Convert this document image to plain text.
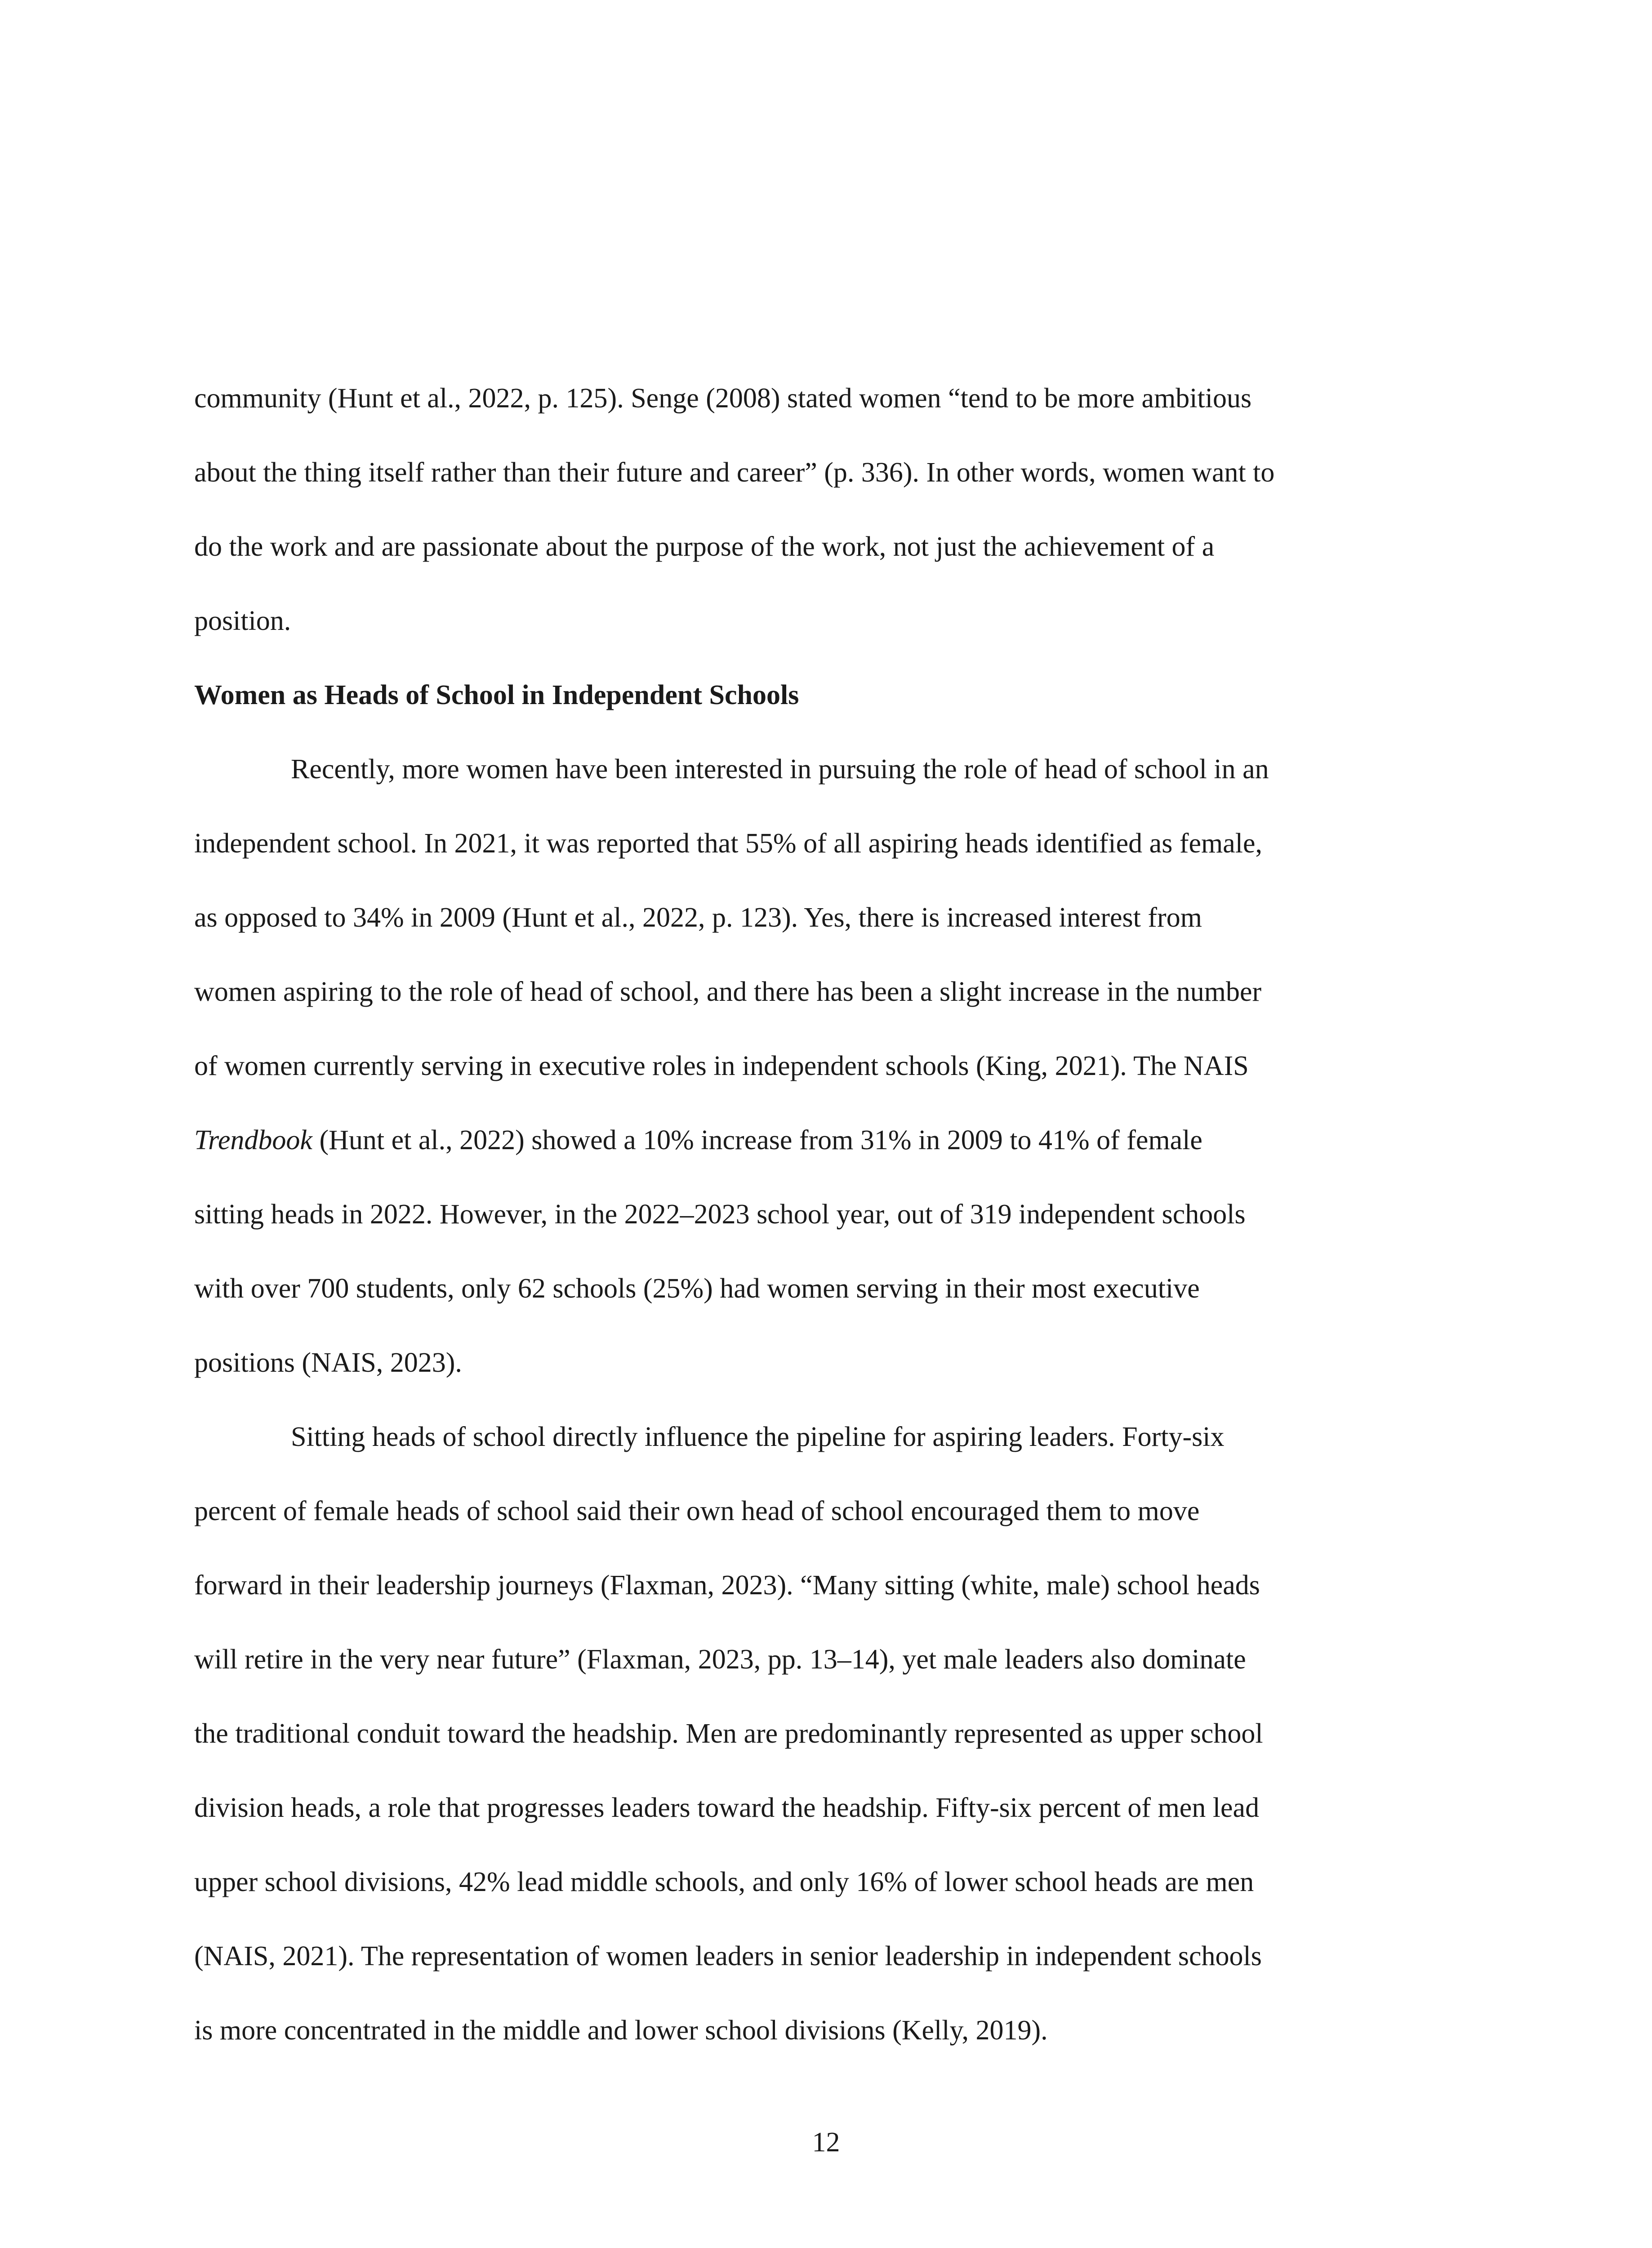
community (Hunt et al., 2022, p. 125). Senge (2008) stated women “tend to be more ambitious
about the thing itself rather than their future and career” (p. 336). In other words, women want to
do the work and are passionate about the purpose of the work, not just the achievement of a
position.
Women as Heads of School in Independent Schools
Recently, more women have been interested in pursuing the role of head of school in an
independent school. In 2021, it was reported that 55% of all aspiring heads identified as female,
as opposed to 34% in 2009 (Hunt et al., 2022, p. 123). Yes, there is increased interest from
women aspiring to the role of head of school, and there has been a slight increase in the number
of women currently serving in executive roles in independent schools (King, 2021). The NAIS
Trendbook (Hunt et al., 2022) showed a 10% increase from 31% in 2009 to 41% of female
sitting heads in 2022. However, in the 2022–2023 school year, out of 319 independent schools
with over 700 students, only 62 schools (25%) had women serving in their most executive
positions (NAIS, 2023).
Sitting heads of school directly influence the pipeline for aspiring leaders. Forty-six
percent of female heads of school said their own head of school encouraged them to move
forward in their leadership journeys (Flaxman, 2023). “Many sitting (white, male) school heads
will retire in the very near future” (Flaxman, 2023, pp. 13–14), yet male leaders also dominate
the traditional conduit toward the headship. Men are predominantly represented as upper school
division heads, a role that progresses leaders toward the headship. Fifty-six percent of men lead
upper school divisions, 42% lead middle schools, and only 16% of lower school heads are men
(NAIS, 2021). The representation of women leaders in senior leadership in independent schools
is more concentrated in the middle and lower school divisions (Kelly, 2019).
12
